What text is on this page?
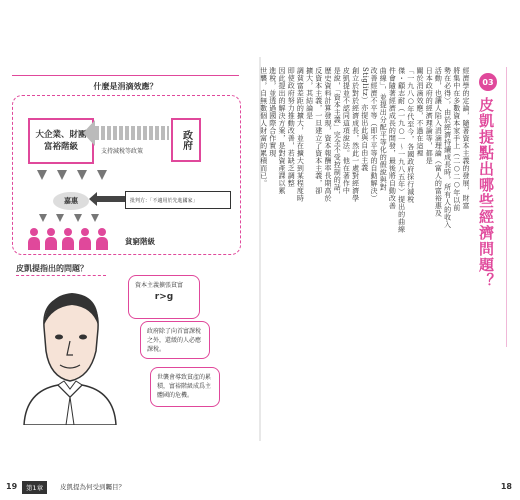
什麼是涓滴效應？
大企業、財團
富裕階級	支持減稅等政策
政府
嘉惠	批判方：「不適用於先進國家」
貧窮階級
皮凱提指出的問題？
資本主義擴張貧富
r>g
政府除了向首富課稅之外，還緩的人必應課稅。
世襲會導致貧產的累積，富裕階級成爲主體國的危機。
03
皮凱提點出哪些經濟問題？
經濟學的定論，隨著資本主義的發展，財富
將集中在多數資本家手上（二○二○年以前
勢在必得），由於經濟持續成長時，所有人的收入
活動，也讓人陷入涓滴理論（富人的富裕惠及
日本政府的經濟理論等，都是
關於涓滴效應，不過在這裡
「一九八○年代至今，各國政府採行減稅
傑・顧志耐（一九○一～一九八五年）提出的曲線
件會隨著經濟成長的開發，最後將自動改善
曲線」，並提出分配平等化的假說與對
改善經濟不平等（即不平等的自動解決）
Stiglitz）亦提出此與自由主義
創立於對於經濟成長，然此一處對經濟學
皮凱提並不認同這項說法。他在著作中
是說，「資本主義」完全不受控制的話，
歷史資料計算發現，資本報酬率長期高於
反資本主義，一旦建立了資本主義，卻
擴大，其結論是
調貧富差距的擴大，並在擴大到某程度時
即使政府努力推動改善，若缺乏調整
因此提出的解決方案，是對資產課以累
進稅，並透過國際合作實現
世襲，自無數個人財富的累積而已。
19	第1章	皮凱提為何受到矚目？	18
